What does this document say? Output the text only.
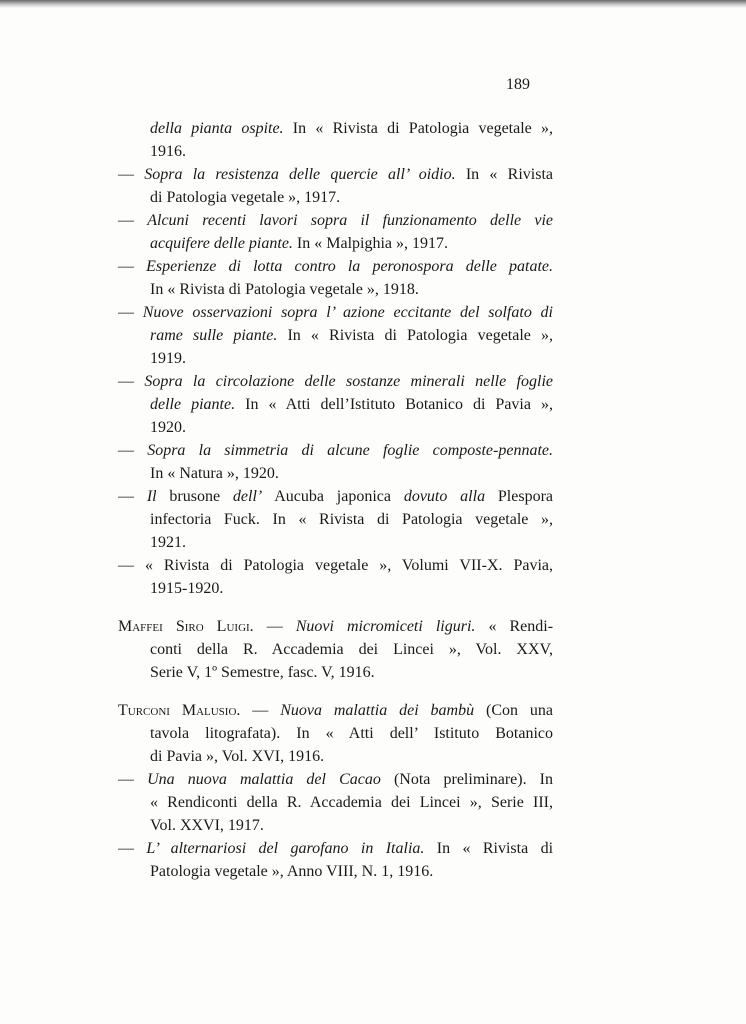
189
della pianta ospite. In « Rivista di Patologia vegetale »,
1916.
— Sopra la resistenza delle quercie all’ oidio. In « Rivista
di Patologia vegetale », 1917.
— Alcuni recenti lavori sopra il funzionamento delle vie
acquifere delle piante. In « Malpighia », 1917.
— Esperienze di lotta contro la peronospora delle patate.
In « Rivista di Patologia vegetale », 1918.
— Nuove osservazioni sopra l’ azione eccitante del solfato di
rame sulle piante. In « Rivista di Patologia vegetale »,
1919.
— Sopra la circolazione delle sostanze minerali nelle foglie
delle piante. In « Atti dell’Istituto Botanico di Pavia »,
1920.
— Sopra la simmetria di alcune foglie composte-pennate.
In « Natura », 1920.
— Il brusone dell’ Aucuba japonica dovuto alla Plespora
infectoria Fuck. In « Rivista di Patologia vegetale »,
1921.
— « Rivista di Patologia vegetale », Volumi VII-X. Pavia,
1915-1920.
Maffei Siro Luigi. — Nuovi micromiceti liguri. « Rendi-
conti della R. Accademia dei Lincei », Vol. XXV,
Serie V, 1º Semestre, fasc. V, 1916.
Turconi Malusio. — Nuova malattia dei bambù (Con una
tavola litografata). In « Atti dell’ Istituto Botanico
di Pavia », Vol. XVI, 1916.
— Una nuova malattia del Cacao (Nota preliminare). In
« Rendiconti della R. Accademia dei Lincei », Serie III,
Vol. XXVI, 1917.
— L’ alternariosi del garofano in Italia. In « Rivista di
Patologia vegetale », Anno VIII, N. 1, 1916.
